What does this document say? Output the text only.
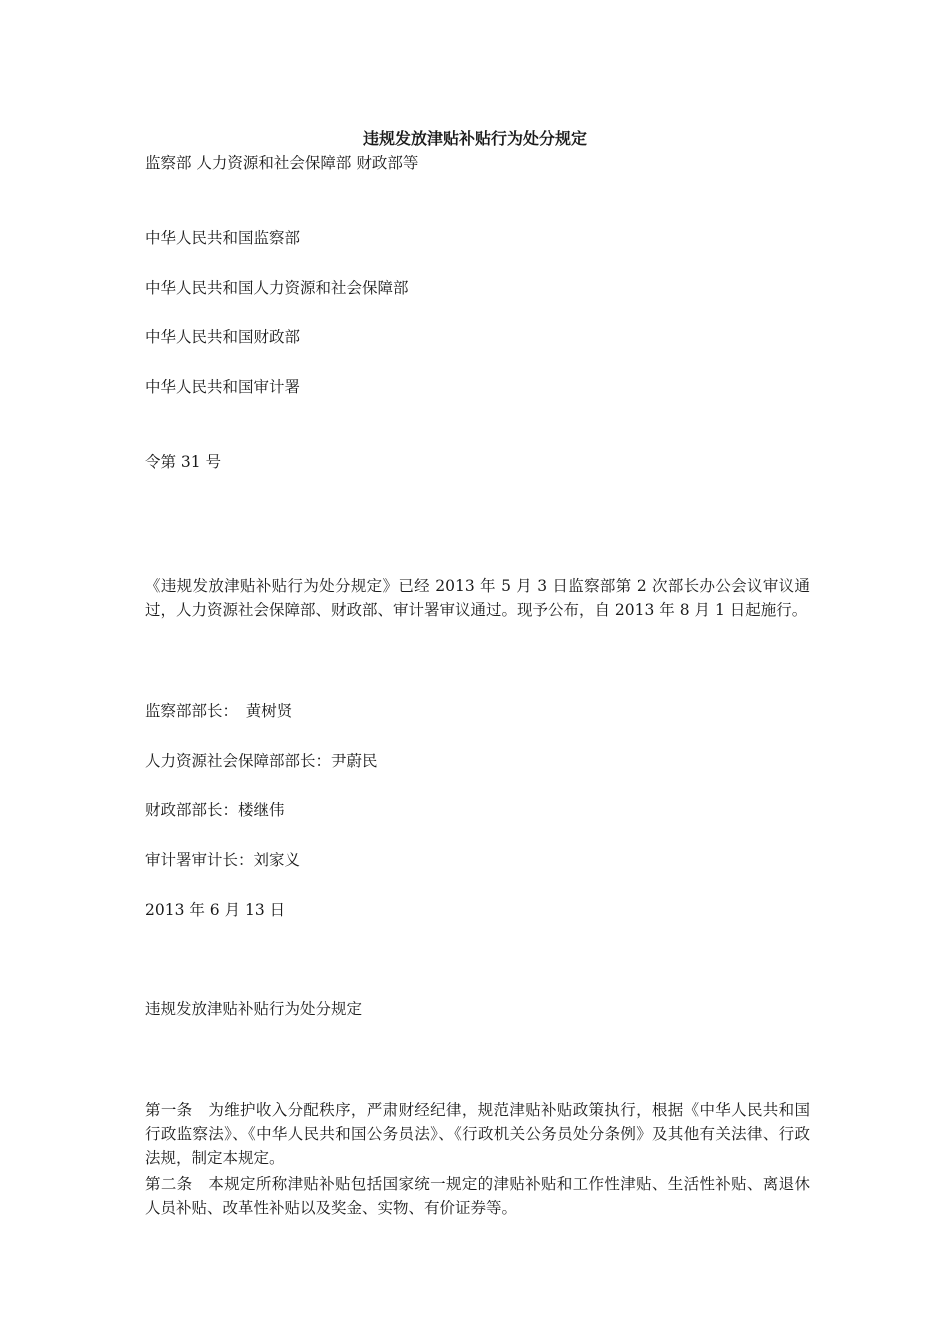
违规发放津贴补贴行为处分规定
监察部 人力资源和社会保障部 财政部等
中华人民共和国监察部
中华人民共和国人力资源和社会保障部
中华人民共和国财政部
中华人民共和国审计署
令第 31 号
《违规发放津贴补贴行为处分规定》已经 2013 年 5 月 3 日监察部第 2 次部长办公会议审议通过，人力资源社会保障部、财政部、审计署审议通过。现予公布，自 2013 年 8 月 1 日起施行。
监察部部长：　黄树贤
人力资源社会保障部部长：尹蔚民
财政部部长：楼继伟
审计署审计长：刘家义
2013 年 6 月 13 日
违规发放津贴补贴行为处分规定
第一条　为维护收入分配秩序，严肃财经纪律，规范津贴补贴政策执行，根据《中华人民共和国行政监察法》、《中华人民共和国公务员法》、《行政机关公务员处分条例》及其他有关法律、行政法规，制定本规定。
第二条　本规定所称津贴补贴包括国家统一规定的津贴补贴和工作性津贴、生活性补贴、离退休人员补贴、改革性补贴以及奖金、实物、有价证券等。
